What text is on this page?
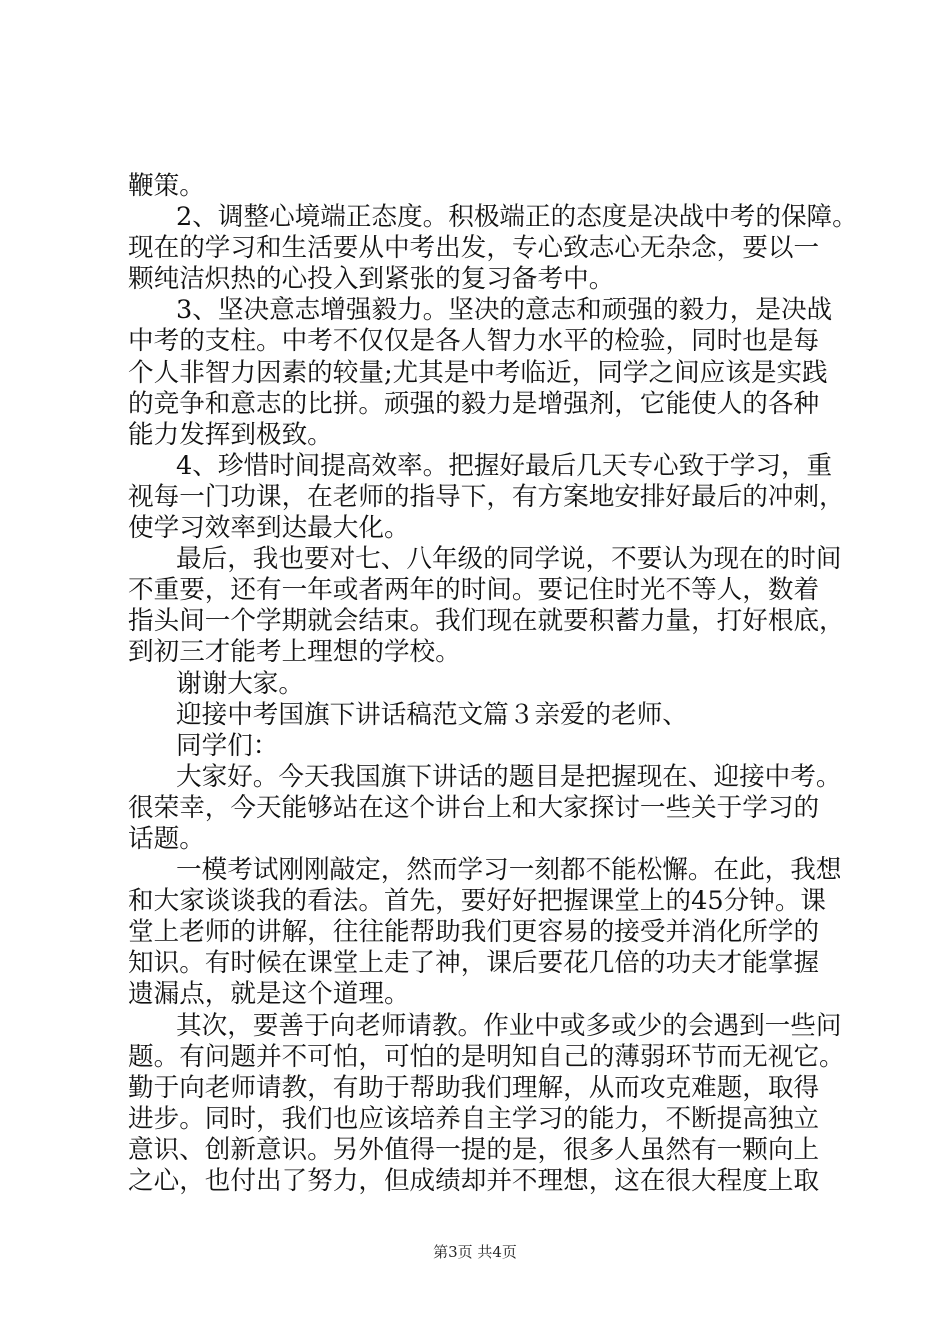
鞭策。

2、调整心境端正态度。积极端正的态度是决战中考的保障。

现在的学习和生活要从中考出发，专心致志心无杂念，要以一

颗纯洁炽热的心投入到紧张的复习备考中。

3、坚决意志增强毅力。坚决的意志和顽强的毅力，是决战

中考的支柱。中考不仅仅是各人智力水平的检验，同时也是每

个人非智力因素的较量;尤其是中考临近，同学之间应该是实践

的竞争和意志的比拼。顽强的毅力是增强剂，它能使人的各种

能力发挥到极致。

4、珍惜时间提高效率。把握好最后几天专心致于学习，重

视每一门功课，在老师的指导下，有方案地安排好最后的冲刺，

使学习效率到达最大化。

最后，我也要对七、八年级的同学说，不要认为现在的时间

不重要，还有一年或者两年的时间。要记住时光不等人，数着

指头间一个学期就会结束。我们现在就要积蓄力量，打好根底，

到初三才能考上理想的学校。

谢谢大家。

迎接中考国旗下讲话稿范文篇３亲爱的老师、

同学们：

大家好。今天我国旗下讲话的题目是把握现在、迎接中考。

很荣幸，今天能够站在这个讲台上和大家探讨一些关于学习的

话题。

一模考试刚刚敲定，然而学习一刻都不能松懈。在此，我想

和大家谈谈我的看法。首先，要好好把握课堂上的45分钟。课

堂上老师的讲解，往往能帮助我们更容易的接受并消化所学的

知识。有时候在课堂上走了神，课后要花几倍的功夫才能掌握

遗漏点，就是这个道理。

其次，要善于向老师请教。作业中或多或少的会遇到一些问

题。有问题并不可怕，可怕的是明知自己的薄弱环节而无视它。

勤于向老师请教，有助于帮助我们理解，从而攻克难题，取得

进步。同时，我们也应该培养自主学习的能力，不断提高独立

意识、创新意识。另外值得一提的是，很多人虽然有一颗向上

之心，也付出了努力，但成绩却并不理想，这在很大程度上取

第3页 共4页
